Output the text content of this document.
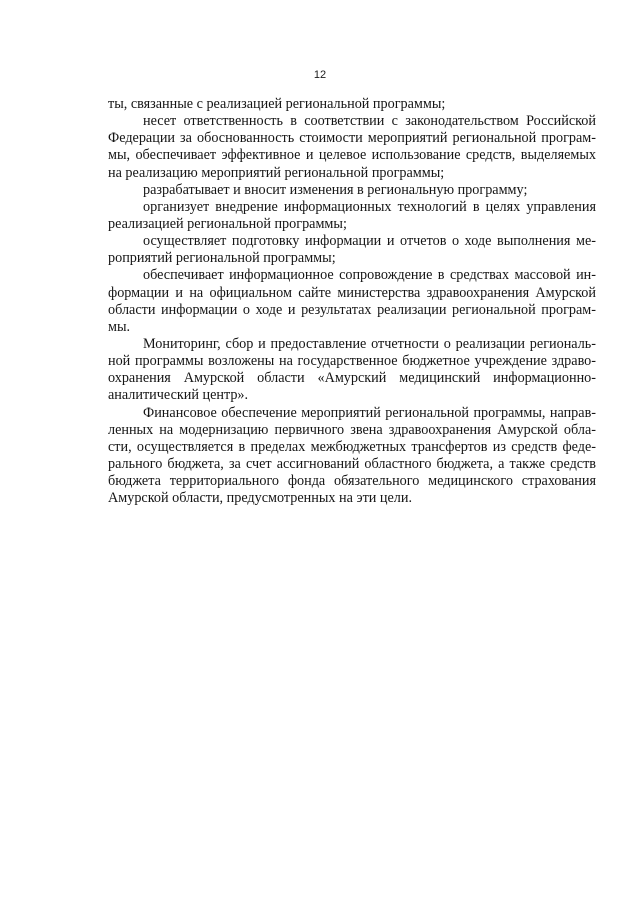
12
ты, связанные с реализацией региональной программы;
несет ответственность в соответствии с законодательством Российской
Федерации за обоснованность стоимости мероприятий региональной програм-
мы, обеспечивает эффективное и целевое использование средств, выделяемых
на реализацию мероприятий региональной программы;
разрабатывает и вносит изменения в региональную программу;
организует внедрение информационных технологий в целях управления
реализацией региональной программы;
осуществляет подготовку информации и отчетов о ходе выполнения ме-
роприятий региональной программы;
обеспечивает информационное сопровождение в средствах массовой ин-
формации и на официальном сайте министерства здравоохранения Амурской
области информации о ходе и результатах реализации региональной програм-
мы.
Мониторинг, сбор и предоставление отчетности о реализации региональ-
ной программы возложены на государственное бюджетное учреждение здраво-
охранения Амурской области «Амурский медицинский информационно-
аналитический центр».
Финансовое обеспечение мероприятий региональной программы, направ-
ленных на модернизацию первичного звена здравоохранения Амурской обла-
сти, осуществляется в пределах межбюджетных трансфертов из средств феде-
рального бюджета, за счет ассигнований областного бюджета, а также средств
бюджета территориального фонда обязательного медицинского страхования
Амурской области, предусмотренных на эти цели.
